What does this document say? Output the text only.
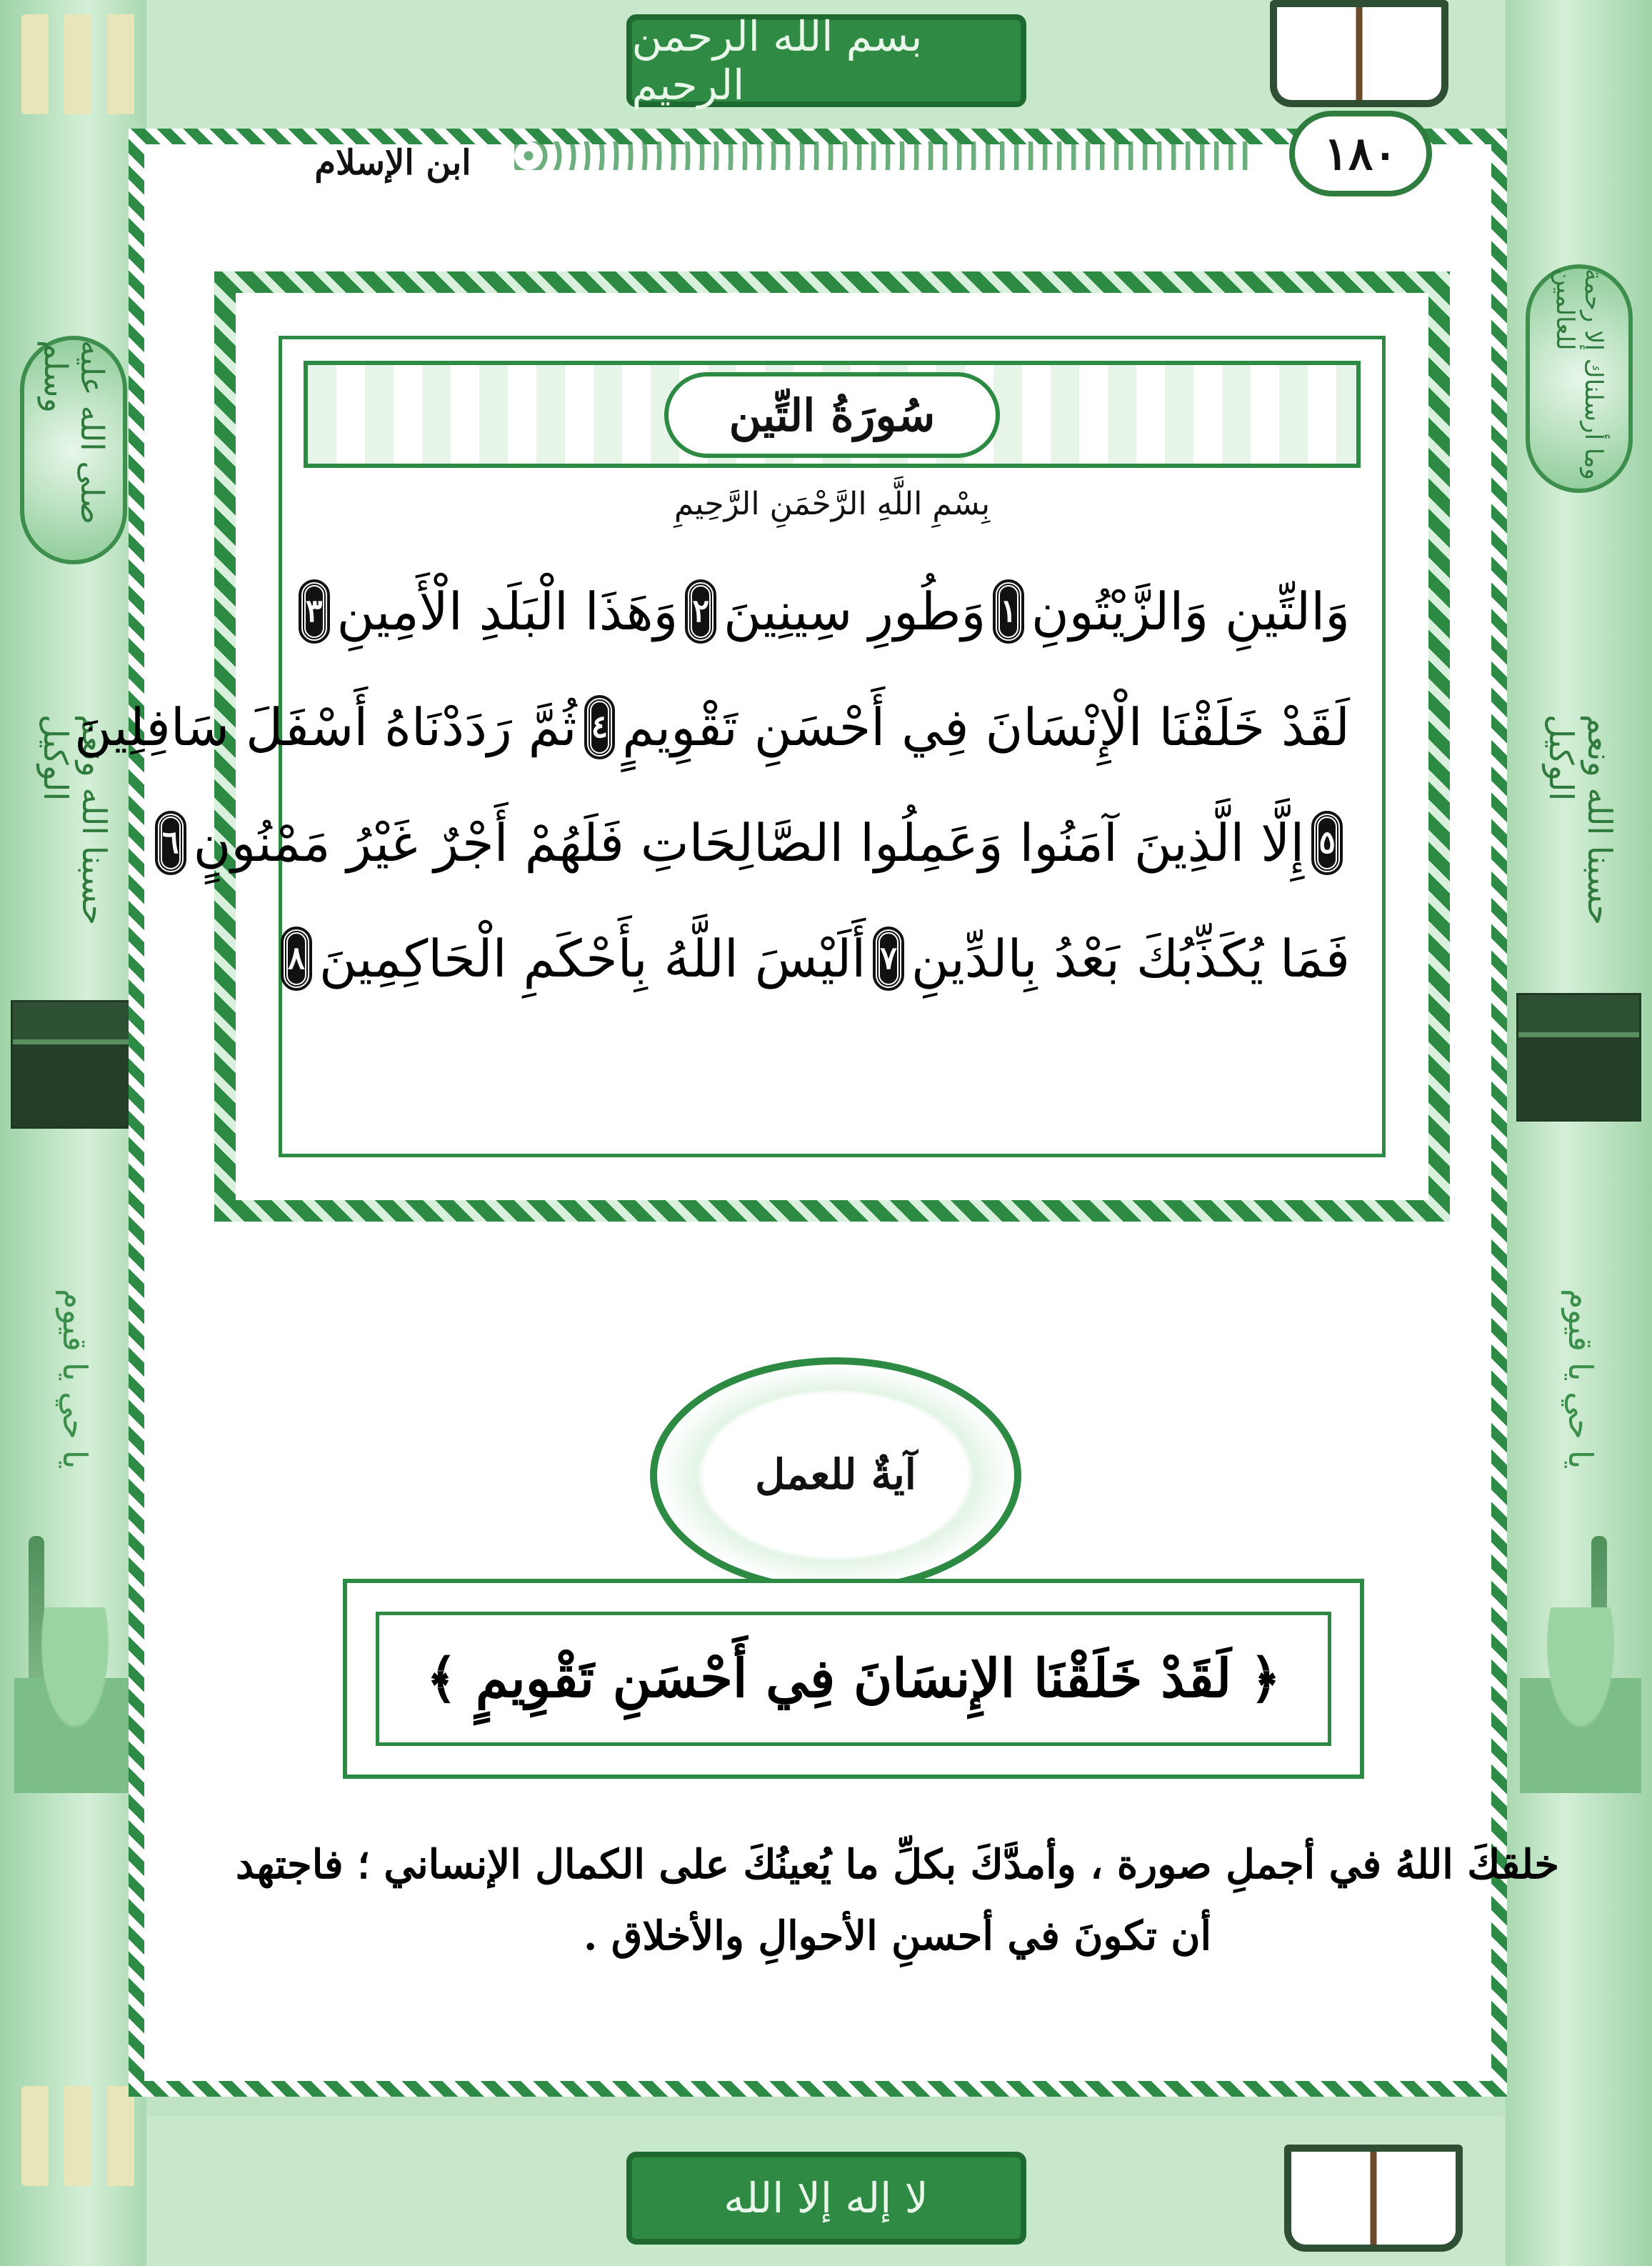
صلى الله عليه وسلم
حسبنا الله ونعم الوكيل
يا حي يا قيوم
وما أرسلناك إلا رحمة للعالمين
حسبنا الله ونعم الوكيل
يا حي يا قيوم
بسم الله الرحمن الرحيم
لا إله إلا الله
١٨٠
ابن الإسلام
سُورَةُ التِّين
بِسْمِ اللَّهِ الرَّحْمَنِ الرَّحِيمِ
وَالتِّينِ وَالزَّيْتُونِ
١
وَطُورِ سِينِينَ
٢
وَهَذَا الْبَلَدِ الْأَمِينِ
٣
لَقَدْ خَلَقْنَا الْإِنْسَانَ فِي أَحْسَنِ تَقْوِيمٍ
٤
ثُمَّ رَدَدْنَاهُ أَسْفَلَ سَافِلِينَ
٥
إِلَّا الَّذِينَ آمَنُوا وَعَمِلُوا الصَّالِحَاتِ فَلَهُمْ أَجْرٌ غَيْرُ مَمْنُونٍ
٦
فَمَا يُكَذِّبُكَ بَعْدُ بِالدِّينِ
٧
أَلَيْسَ اللَّهُ بِأَحْكَمِ الْحَاكِمِينَ
٨
آيةٌ للعمل
﴿ لَقَدْ خَلَقْنَا الإِنسَانَ فِي أَحْسَنِ تَقْوِيمٍ ﴾
خلقكَ اللهُ في أجملِ صورة ، وأمدَّكَ بكلِّ ما يُعينُكَ على الكمال الإنساني ؛ فاجتهد
أن تكونَ في أحسنِ الأحوالِ والأخلاق .
